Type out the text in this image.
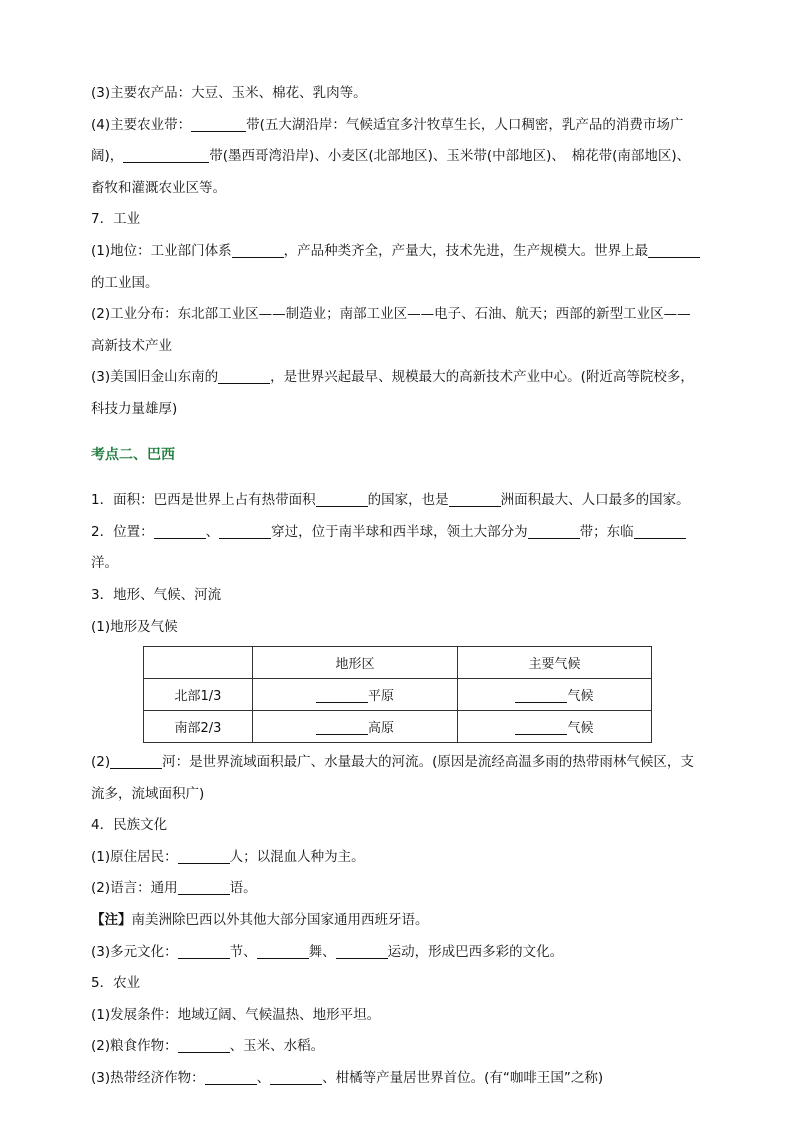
(3)主要农产品：大豆、玉米、棉花、乳肉等。

(4)主要农业带：	带(五大湖沿岸：气候适宜多汁牧草生长，人口稠密，乳产品的消费市场广阔)，	带(墨西哥湾沿岸)、小麦区(北部地区)、玉米带(中部地区)、　棉花带(南部地区)、畜牧和灌溉农业区等。

7．工业

(1)地位：工业部门体系	，产品种类齐全，产量大，技术先进，生产规模大。世界上最的工业国。

(2)工业分布：东北部工业区——制造业；南部工业区——电子、石油、航天；西部的新型工业区——高新技术产业

(3)美国旧金山东南的	，是世界兴起最早、规模最大的高新技术产业中心。(附近高等院校多，科技力量雄厚)

考点二、巴西

1．面积：巴西是世界上占有热带面积	的国家，也是	洲面积最大、人口最多的国家。

2．位置：	、	穿过，位于南半球和西半球，领土大部分为	带；东临洋。

3．地形、气候、河流

(1)地形及气候

	地形区	主要气候
北部1/3	平原	气候
南部2/3	高原	气候

(2)	河：是世界流域面积最广、水量最大的河流。(原因是流经高温多雨的热带雨林气候区，支流多，流域面积广)

4．民族文化

(1)原住居民：	人；以混血人种为主。

(2)语言：通用	语。

【注】南美洲除巴西以外其他大部分国家通用西班牙语。

(3)多元文化：	节、	舞、	运动，形成巴西多彩的文化。

5．农业

(1)发展条件：地域辽阔、气候温热、地形平坦。

(2)粮食作物：	、玉米、水稻。

(3)热带经济作物：	、	、柑橘等产量居世界首位。(有“咖啡王国”之称)
